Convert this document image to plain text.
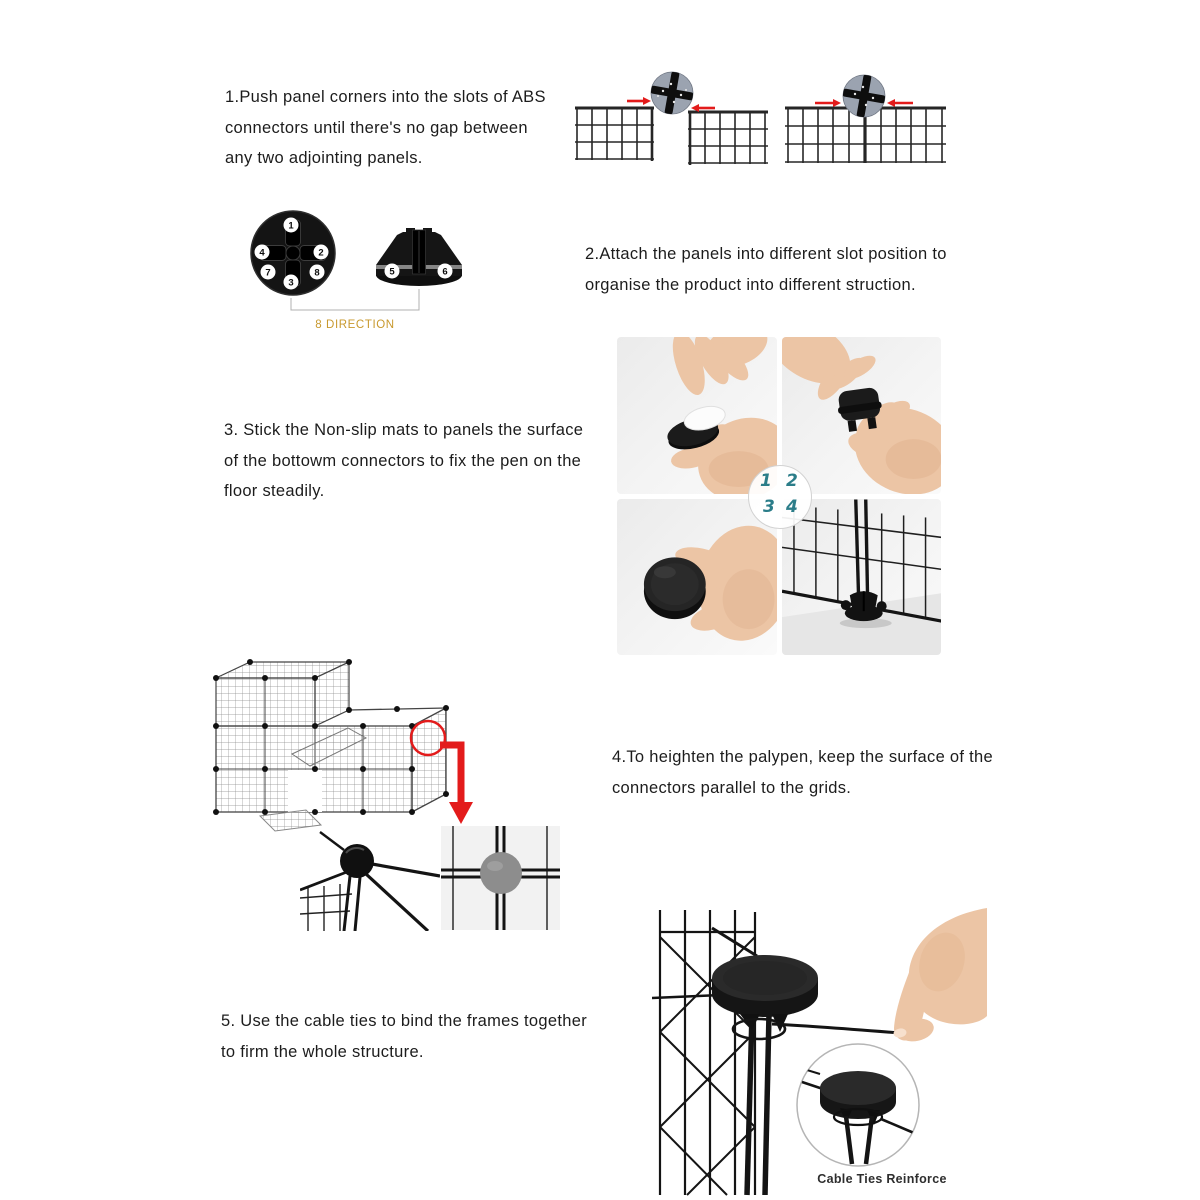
1.Push panel corners into the slots of ABS
connectors until there's no gap between
any two adjointing panels.
1
2
4
7	8
3
5	6
8 DIRECTION
2.Attach the panels into different slot position to
organise the product into different struction.
3. Stick the Non-slip mats to panels the surface
of the bottowm connectors to fix the pen on the
floor steadily.	1 2
3 4
4.To heighten the palypen, keep the surface of the
connectors parallel to the grids.
5. Use the cable ties to bind the frames together
to firm the whole structure.
Cable Ties Reinforce
